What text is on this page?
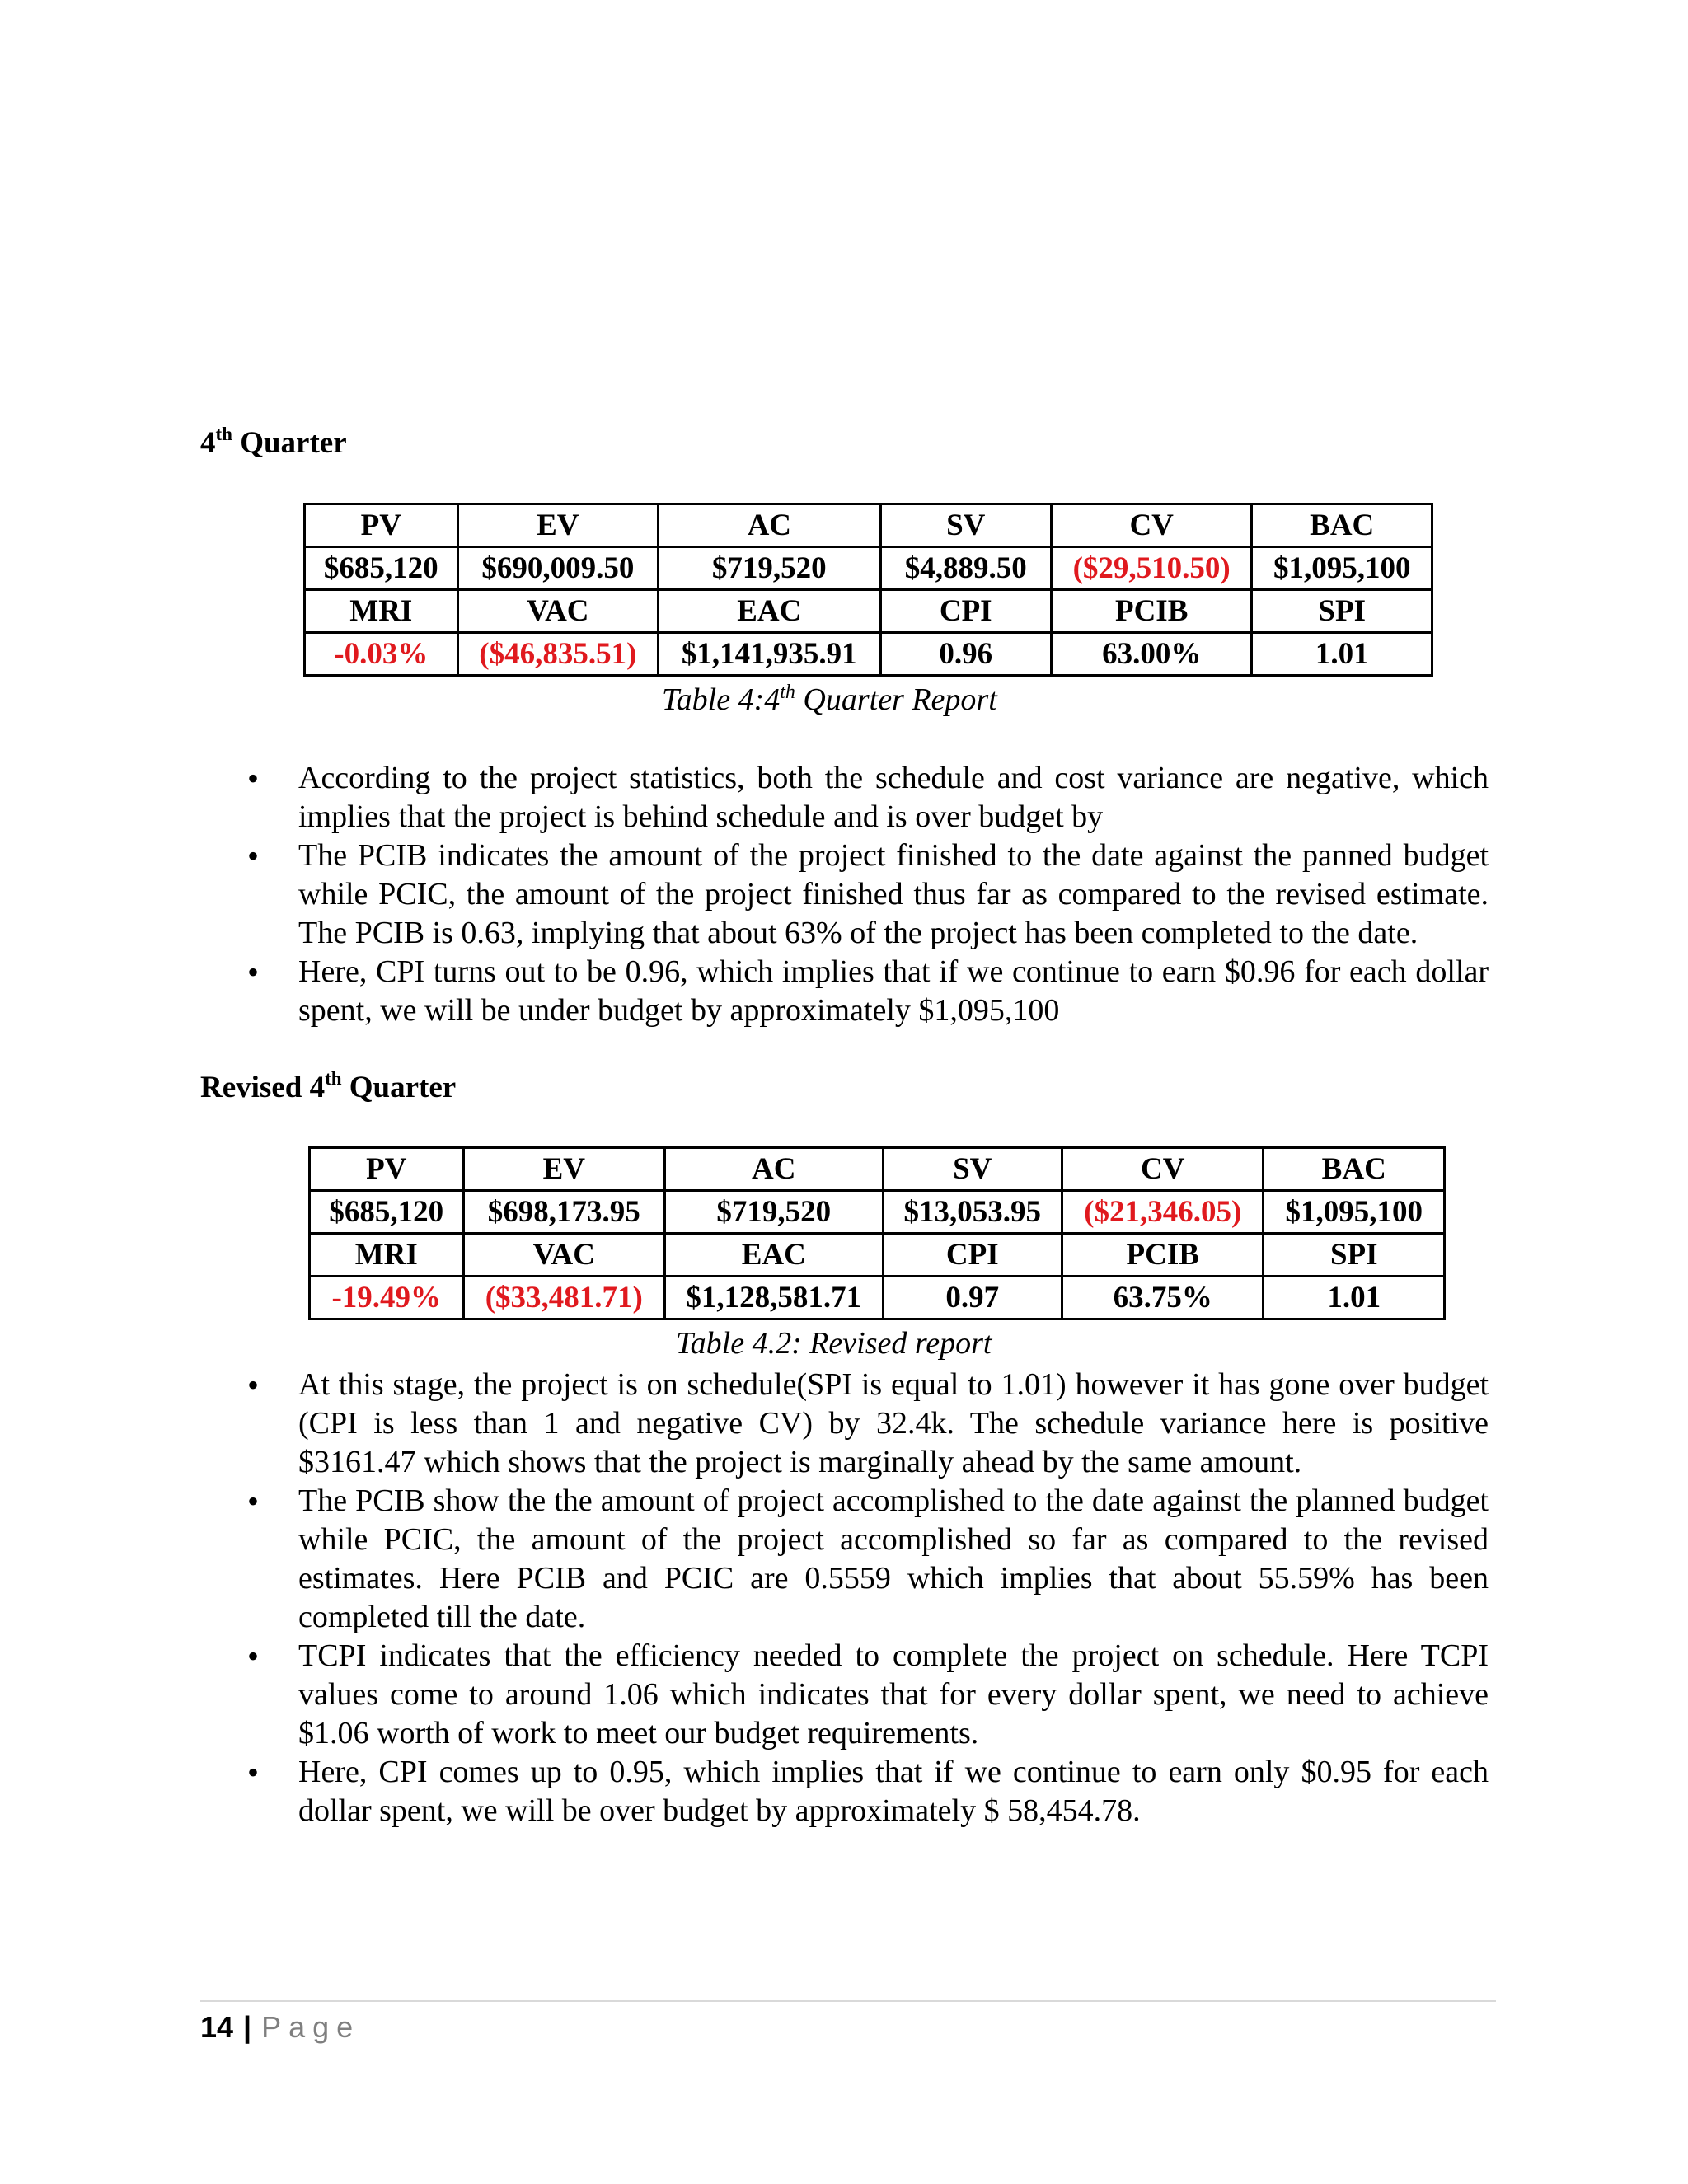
4th Quarter
PV	EV	AC	SV	CV	BAC
$685,120	$690,009.50	$719,520	$4,889.50	($29,510.50)	$1,095,100
MRI	VAC	EAC	CPI	PCIB	SPI
-0.03%	($46,835.51)	$1,141,935.91	0.96	63.00%	1.01
Table 4:4th Quarter Report
• According to the project statistics, both the schedule and cost variance are negative, which implies that the project is behind schedule and is over budget by
• The PCIB indicates the amount of the project finished to the date against the panned budget while PCIC, the amount of the project finished thus far as compared to the revised estimate. The PCIB is 0.63, implying that about 63% of the project has been completed to the date.
• Here, CPI turns out to be 0.96, which implies that if we continue to earn $0.96 for each dollar spent, we will be under budget by approximately $1,095,100
Revised 4th Quarter
PV	EV	AC	SV	CV	BAC
$685,120	$698,173.95	$719,520	$13,053.95	($21,346.05)	$1,095,100
MRI	VAC	EAC	CPI	PCIB	SPI
-19.49%	($33,481.71)	$1,128,581.71	0.97	63.75%	1.01
Table 4.2: Revised report
• At this stage, the project is on schedule(SPI is equal to 1.01) however it has gone over budget (CPI is less than 1 and negative CV) by 32.4k. The schedule variance here is positive $3161.47 which shows that the project is marginally ahead by the same amount.
• The PCIB show the the amount of project accomplished to the date against the planned budget while PCIC, the amount of the project accomplished so far as compared to the revised estimates. Here PCIB and PCIC are 0.5559 which implies that about 55.59% has been completed till the date.
• TCPI indicates that the efficiency needed to complete the project on schedule. Here TCPI values come to around 1.06 which indicates that for every dollar spent, we need to achieve $1.06 worth of work to meet our budget requirements.
• Here, CPI comes up to 0.95, which implies that if we continue to earn only $0.95 for each dollar spent, we will be over budget by approximately $ 58,454.78.
14 | Page
